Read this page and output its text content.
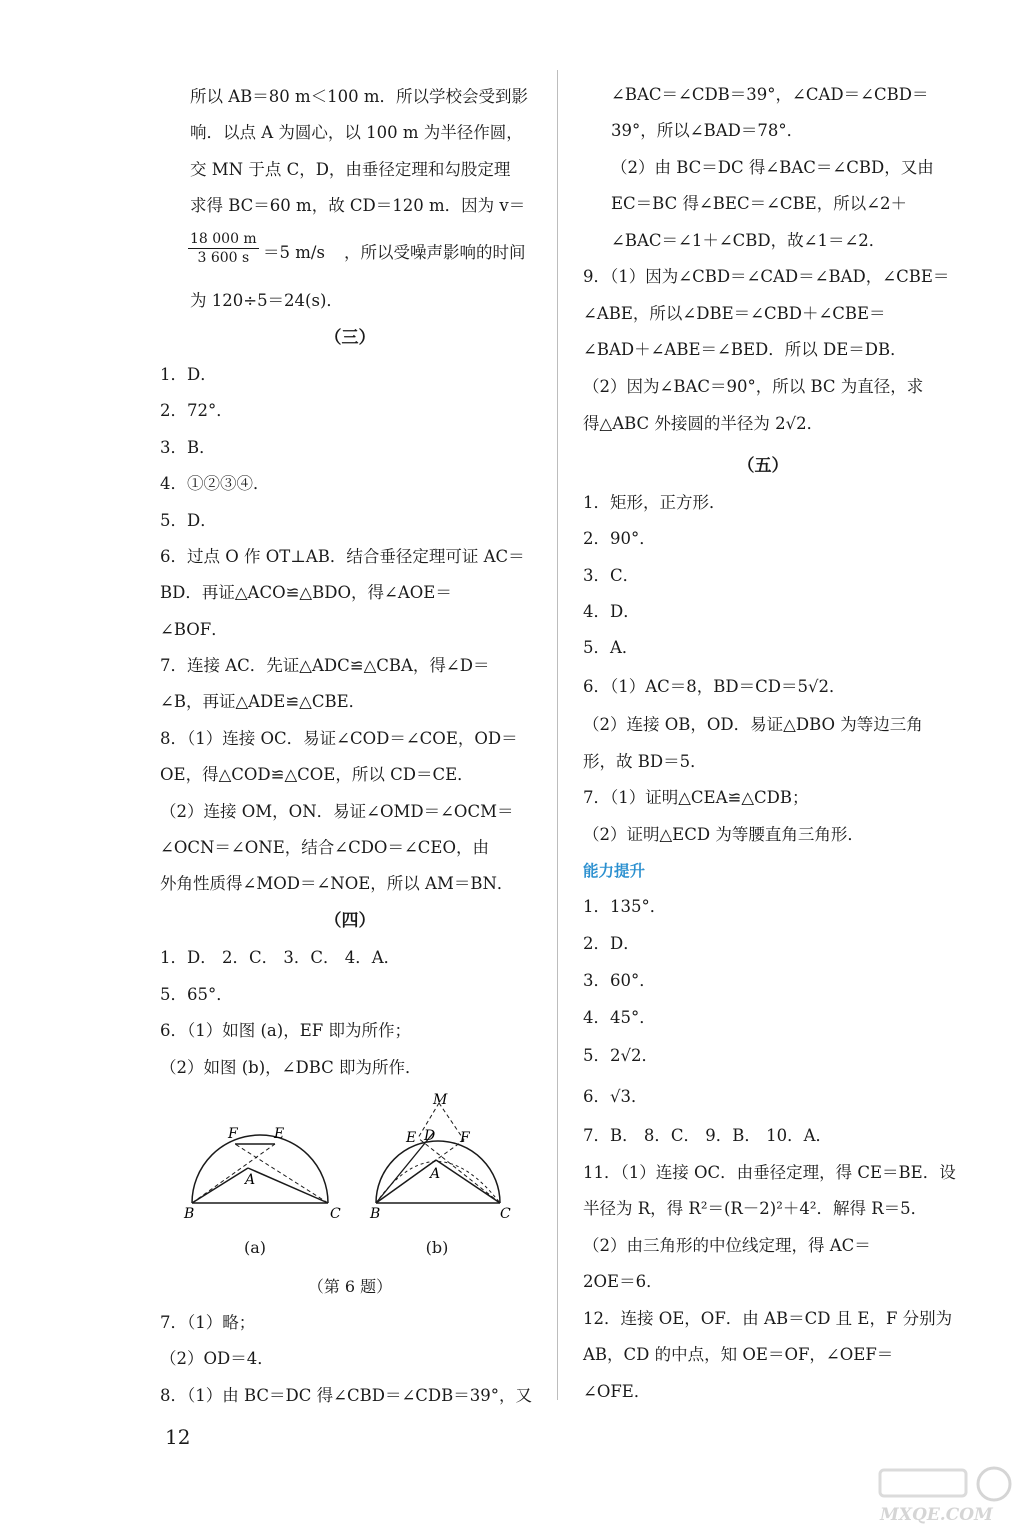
所以 AB＝80 m＜100 m．所以学校会受到影
响．以点 A 为圆心，以 100 m 为半径作圆，
交 MN 于点 C，D，由垂径定理和勾股定理
求得 BC＝60 m，故 CD＝120 m．因为 v＝
$\frac{18 000 m}{3 600 s} =5$ m/s ，所以受噪声影响的时间
为 120÷5＝24(s)．
（三）
1．D．
2．72°．
3．B．
4．①②③④．
5．D．
6．过点 O 作 OT⊥AB．结合垂径定理可证 AC＝
BD．再证△ACO≌△BDO，得∠AOE＝
∠BOF．
7．连接 AC．先证△ADC≌△CBA，得∠D＝
∠B，再证△ADE≌△CBE．
8．（1）连接 OC．易证∠COD＝∠COE，OD＝
OE，得△COD≌△COE，所以 CD＝CE．
（2）连接 OM，ON．易证∠OMD＝∠OCM＝
∠OCN＝∠ONE，结合∠CDO＝∠CEO，由
外角性质得∠MOD＝∠NOE，所以 AM＝BN．
（四）
1．D． 2．C． 3．C． 4．A．
5．65°．
6．（1）如图 (a)，EF 即为所作；
（2）如图 (b)，∠DBC 即为所作．
F	E
A
B	C
M
E D F
A
B	C
(a)	(b)
（第 6 题）
7．（1）略；
（2）OD＝4．
8．（1）由 BC＝DC 得∠CBD＝∠CDB＝39°，又
∠BAC＝∠CDB＝39°，∠CAD＝∠CBD＝
39°，所以∠BAD＝78°．
（2）由 BC＝DC 得∠BAC＝∠CBD，又由
EC＝BC 得∠BEC＝∠CBE，所以∠2＋
∠BAC＝∠1＋∠CBD，故∠1＝∠2．
9．（1）因为∠CBD＝∠CAD＝∠BAD，∠CBE＝
∠ABE，所以∠DBE＝∠CBD＋∠CBE＝
∠BAD＋∠ABE＝∠BED．所以 DE＝DB．
（2）因为∠BAC＝90°，所以 BC 为直径，求
得△ABC 外接圆的半径为 2√2．
（五）
1．矩形，正方形．
2．90°．
3．C．
4．D．
5．A．
6．（1）AC＝8，BD＝CD＝5√2．
（2）连接 OB，OD．易证△DBO 为等边三角
形，故 BD＝5．
7．（1）证明△CEA≌△CDB；
（2）证明△ECD 为等腰直角三角形．
能力提升
1．135°．
2．D．
3．60°．
4．45°．
5．2√2．
6．√3．
7．B． 8．C． 9．B． 10．A．
11．（1）连接 OC．由垂径定理，得 CE＝BE．设
半径为 R，得 R²＝(R－2)²＋4²．解得 R＝5．
（2）由三角形的中位线定理，得 AC＝
2OE＝6．
12．连接 OE，OF．由 AB＝CD 且 E，F 分别为
AB，CD 的中点，知 OE＝OF，∠OEF＝
∠OFE．
12
MXQE.COM
